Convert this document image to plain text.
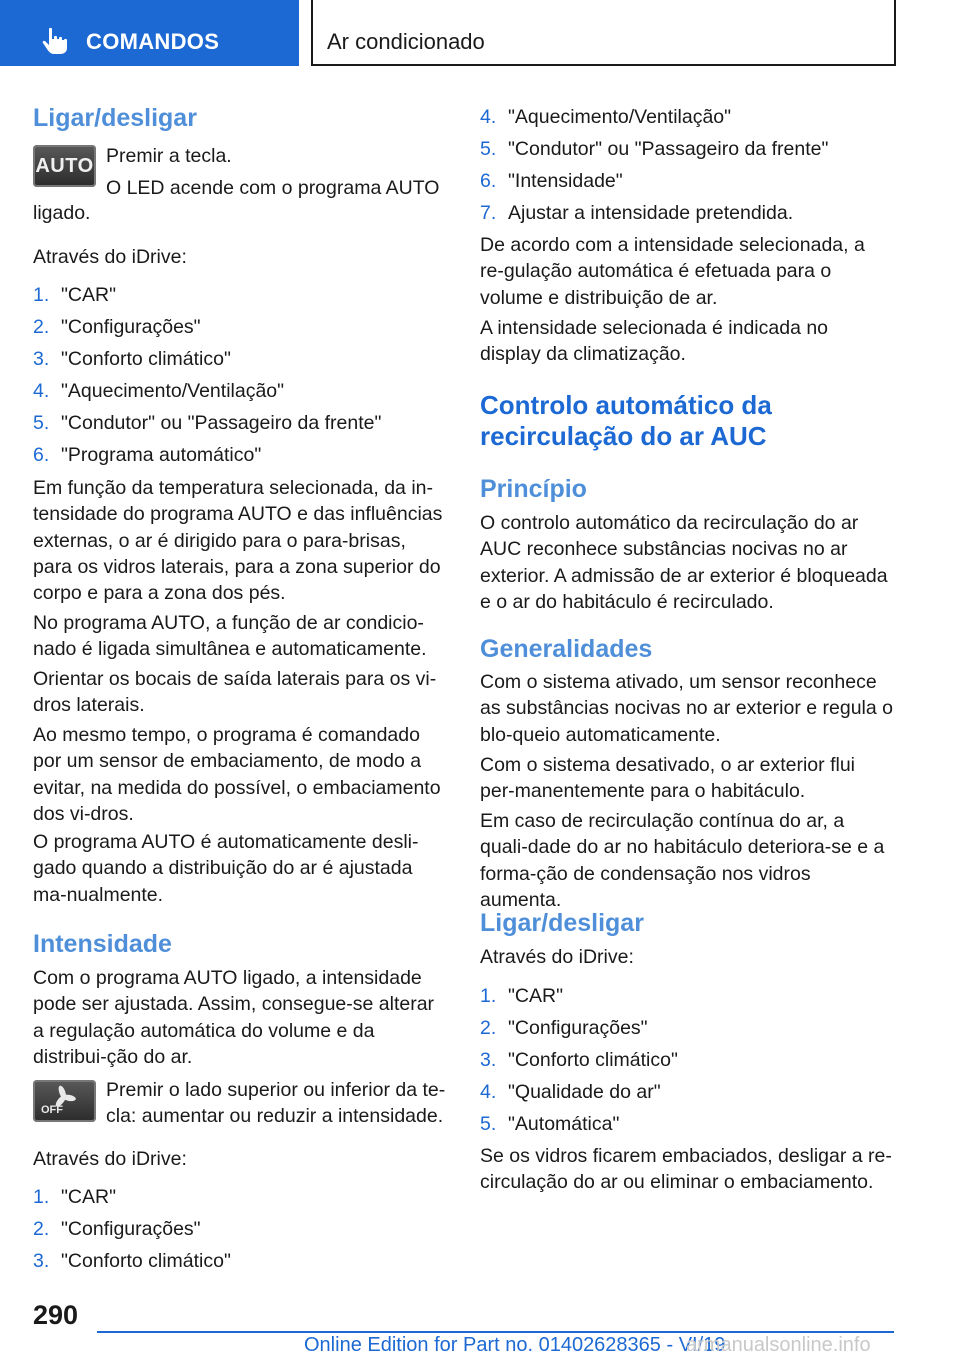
COMANDOS	Ar condicionado
Ligar/desligar
AUTO Premir a tecla.
O LED acende com o programa AUTO
ligado.
Através do iDrive:
1. "CAR"
2. "Configurações"
3. "Conforto climático"
4. "Aquecimento/Ventilação"
5. "Condutor" ou "Passageiro da frente"
6. "Programa automático"
Em função da temperatura selecionada, da in-tensidade do programa AUTO e das influências externas, o ar é dirigido para o para-brisas, para os vidros laterais, para a zona superior do corpo e para a zona dos pés.
No programa AUTO, a função de ar condicio-nado é ligada simultânea e automaticamente.
Orientar os bocais de saída laterais para os vi-dros laterais.
Ao mesmo tempo, o programa é comandado por um sensor de embaciamento, de modo a evitar, na medida do possível, o embaciamento dos vi-dros.
O programa AUTO é automaticamente desli-gado quando a distribuição do ar é ajustada ma-nualmente.
Intensidade
Com o programa AUTO ligado, a intensidade pode ser ajustada. Assim, consegue-se alterar a regulação automática do volume e da distribui-ção do ar.
OFF
Premir o lado superior ou inferior da te-cla: aumentar ou reduzir a intensidade.
Através do iDrive:
1. "CAR"
2. "Configurações"
3. "Conforto climático"
4. "Aquecimento/Ventilação"
5. "Condutor" ou "Passageiro da frente"
6. "Intensidade"
7. Ajustar a intensidade pretendida.
De acordo com a intensidade selecionada, a re-gulação automática é efetuada para o volume e distribuição de ar.
A intensidade selecionada é indicada no display da climatização.
Controlo automático da recirculação do ar AUC
Princípio
O controlo automático da recirculação do ar AUC reconhece substâncias nocivas no ar exterior. A admissão de ar exterior é bloqueada e o ar do habitáculo é recirculado.
Generalidades
Com o sistema ativado, um sensor reconhece as substâncias nocivas no ar exterior e regula o blo-queio automaticamente.
Com o sistema desativado, o ar exterior flui per-manentemente para o habitáculo.
Em caso de recirculação contínua do ar, a quali-dade do ar no habitáculo deteriora-se e a forma-ção de condensação nos vidros aumenta.
Ligar/desligar
Através do iDrive:
1. "CAR"
2. "Configurações"
3. "Conforto climático"
4. "Qualidade do ar"
5. "Automática"
Se os vidros ficarem embaciados, desligar a re-circulação do ar ou eliminar o embaciamento.
290
Online Edition for Part no. 01402628365 - VI/19
armanualsonline.info
